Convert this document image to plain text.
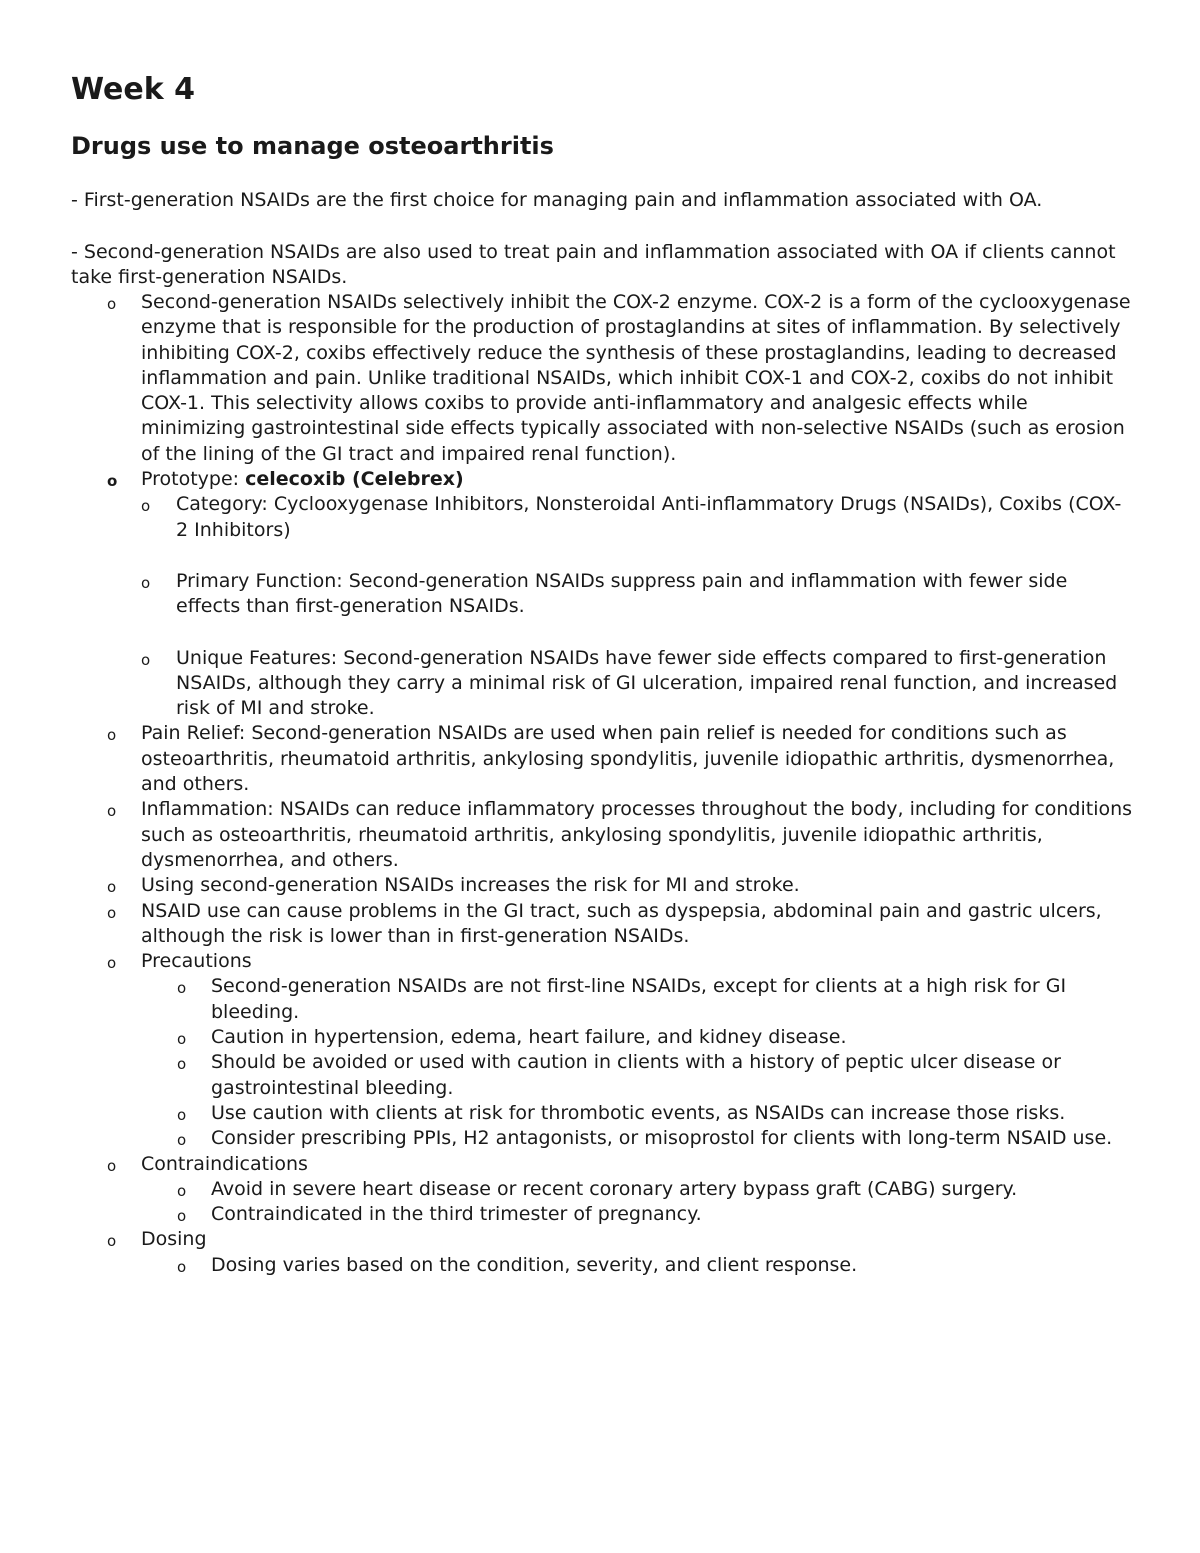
Week 4
Drugs use to manage osteoarthritis

- First-generation NSAIDs are the first choice for managing pain and inflammation associated with OA.

- Second-generation NSAIDs are also used to treat pain and inflammation associated with OA if clients cannot take first-generation NSAIDs.

o Second-generation NSAIDs selectively inhibit the COX-2 enzyme. COX-2 is a form of the cyclooxygenase enzyme that is responsible for the production of prostaglandins at sites of inflammation. By selectively inhibiting COX-2, coxibs effectively reduce the synthesis of these prostaglandins, leading to decreased inflammation and pain. Unlike traditional NSAIDs, which inhibit COX-1 and COX-2, coxibs do not inhibit COX-1. This selectivity allows coxibs to provide anti-inflammatory and analgesic effects while minimizing gastrointestinal side effects typically associated with non-selective NSAIDs (such as erosion of the lining of the GI tract and impaired renal function).
o Prototype: celecoxib (Celebrex)
o Category: Cyclooxygenase Inhibitors, Nonsteroidal Anti-inflammatory Drugs (NSAIDs), Coxibs (COX-2 Inhibitors)
o Primary Function: Second-generation NSAIDs suppress pain and inflammation with fewer side effects than first-generation NSAIDs.
o Unique Features: Second-generation NSAIDs have fewer side effects compared to first-generation NSAIDs, although they carry a minimal risk of GI ulceration, impaired renal function, and increased risk of MI and stroke.
o Pain Relief: Second-generation NSAIDs are used when pain relief is needed for conditions such as osteoarthritis, rheumatoid arthritis, ankylosing spondylitis, juvenile idiopathic arthritis, dysmenorrhea, and others.
o Inflammation: NSAIDs can reduce inflammatory processes throughout the body, including for conditions such as osteoarthritis, rheumatoid arthritis, ankylosing spondylitis, juvenile idiopathic arthritis, dysmenorrhea, and others.
o Using second-generation NSAIDs increases the risk for MI and stroke.
o NSAID use can cause problems in the GI tract, such as dyspepsia, abdominal pain and gastric ulcers, although the risk is lower than in first-generation NSAIDs.
o Precautions
o Second-generation NSAIDs are not first-line NSAIDs, except for clients at a high risk for GI bleeding.
o Caution in hypertension, edema, heart failure, and kidney disease.
o Should be avoided or used with caution in clients with a history of peptic ulcer disease or gastrointestinal bleeding.
o Use caution with clients at risk for thrombotic events, as NSAIDs can increase those risks.
o Consider prescribing PPIs, H2 antagonists, or misoprostol for clients with long-term NSAID use.
o Contraindications
o Avoid in severe heart disease or recent coronary artery bypass graft (CABG) surgery.
o Contraindicated in the third trimester of pregnancy.
o Dosing
o Dosing varies based on the condition, severity, and client response.
